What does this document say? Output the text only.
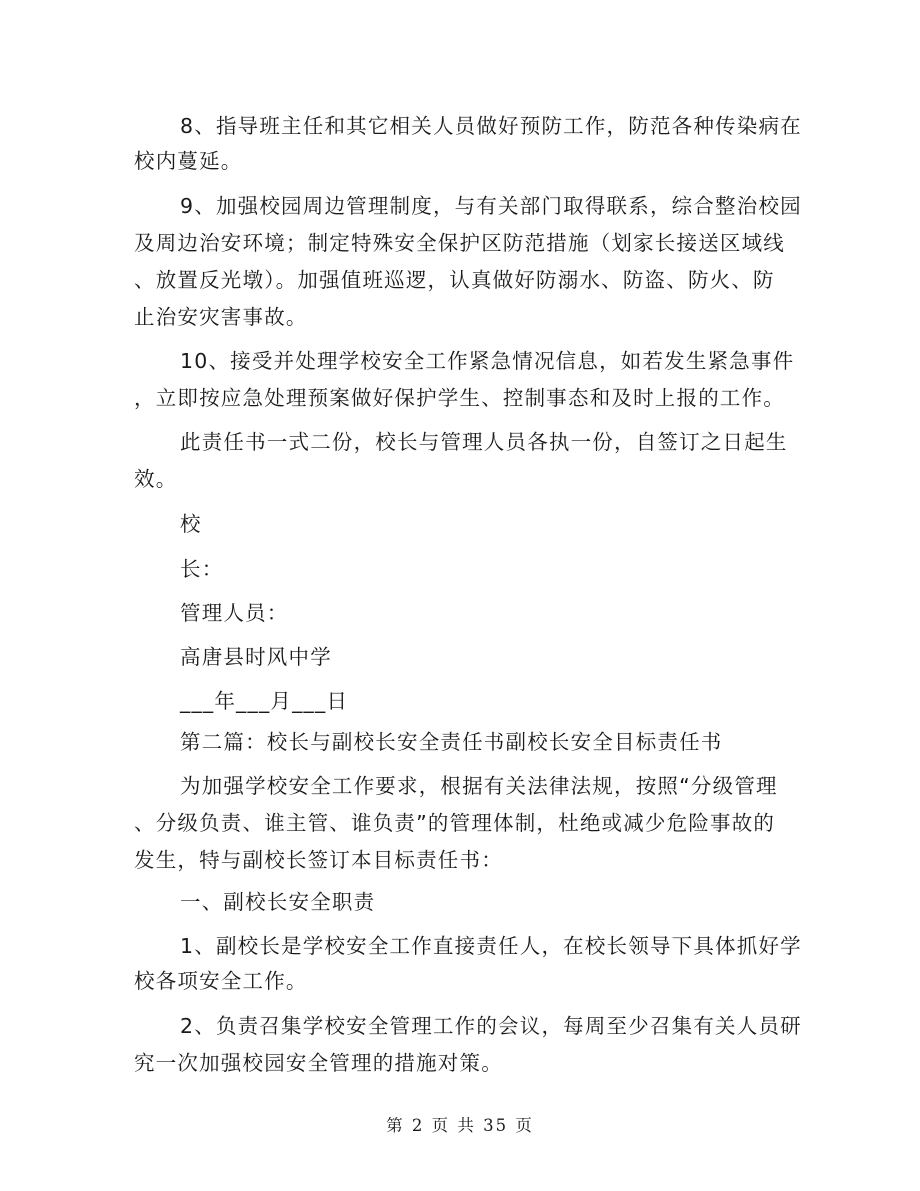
8、指导班主任和其它相关人员做好预防工作，防范各种传染病在

校内蔓延。

9、加强校园周边管理制度，与有关部门取得联系，综合整治校园

及周边治安环境；制定特殊安全保护区防范措施（划家长接送区域线

、放置反光墩）。加强值班巡逻，认真做好防溺水、防盗、防火、防

止治安灾害事故。

10、接受并处理学校安全工作紧急情况信息，如若发生紧急事件

，立即按应急处理预案做好保护学生、控制事态和及时上报的工作。

此责任书一式二份，校长与管理人员各执一份，自签订之日起生

效。

校

长：

管理人员：

高唐县时风中学

___年___月___日

第二篇：校长与副校长安全责任书副校长安全目标责任书

为加强学校安全工作要求，根据有关法律法规，按照“分级管理

、分级负责、谁主管、谁负责”的管理体制，杜绝或减少危险事故的

发生，特与副校长签订本目标责任书：

一、副校长安全职责

1、副校长是学校安全工作直接责任人，在校长领导下具体抓好学

校各项安全工作。

2、负责召集学校安全管理工作的会议，每周至少召集有关人员研

究一次加强校园安全管理的措施对策。

第 2 页 共 35 页
